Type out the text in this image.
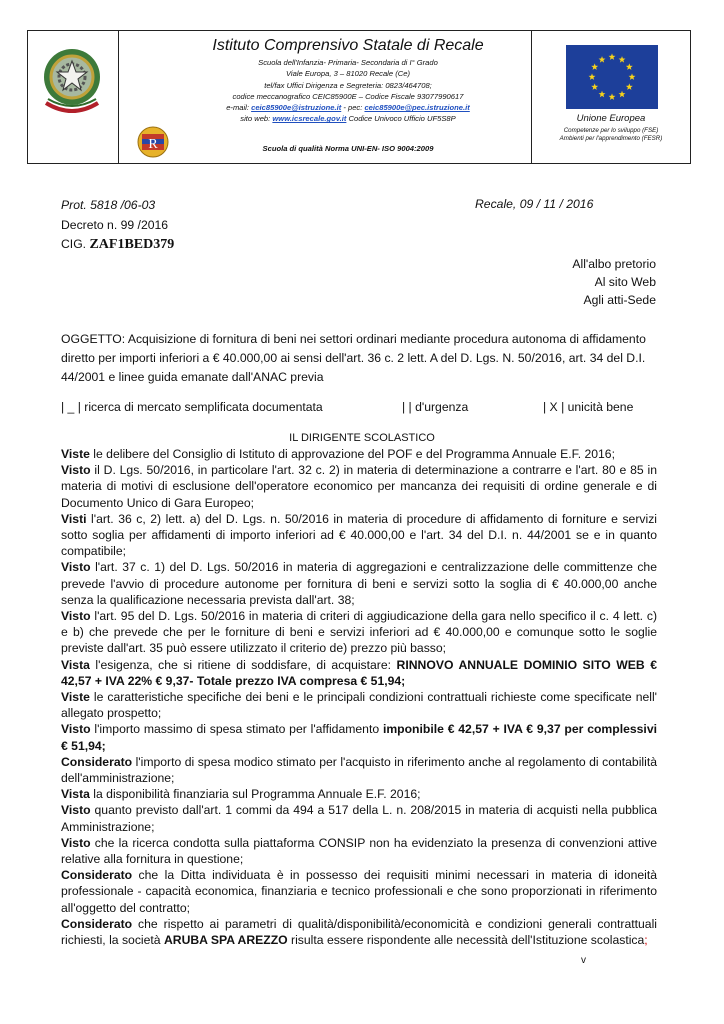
R
Istituto Comprensivo Statale di Recale
Scuola dell'Infanzia- Primaria- Secondaria di I° Grado
Viale Europa, 3 – 81020 Recale (Ce)
tel/fax Uffici Dirigenza e Segreteria: 0823/464708;
codice meccanografico CEIC85900E – Codice Fiscale 93077990617
e-mail: ceic85900e@istruzione.it - pec: ceic85900e@pec.istruzione.it
sito web: www.icsrecale.gov.it Codice Univoco Ufficio UF5S8P
Scuola di qualità Norma UNI-EN- ISO 9004:2009
Unione Europea
Competenze per lo sviluppo (FSE)
Ambienti per l'apprendimento (FESR)
Prot. 5818 /06-03	Recale, 09 / 11 / 2016
Decreto n. 99 /2016
CIG. ZAF1BED379
All'albo pretorio
Al sito Web
Agli atti-Sede
OGGETTO: Acquisizione di fornitura di beni nei settori ordinari mediante procedura autonoma di affidamento diretto per importi inferiori a € 40.000,00 ai sensi dell'art. 36 c. 2 lett. A del D. Lgs. N. 50/2016, art. 34 del D.I. 44/2001 e linee guida emanate dall'ANAC previa
| _ | ricerca di mercato semplificata documentata	| | d'urgenza	| X | unicità bene
IL DIRIGENTE SCOLASTICO

Viste le delibere del Consiglio di Istituto di approvazione del POF e del Programma Annuale E.F. 2016;

Visto il D. Lgs. 50/2016, in particolare l'art. 32 c. 2) in materia di determinazione a contrarre e l'art. 80 e 85 in materia di motivi di esclusione dell'operatore economico per mancanza dei requisiti di ordine generale e di Documento Unico di Gara Europeo;

Visti l'art. 36 c, 2) lett. a) del D. Lgs. n. 50/2016 in materia di procedure di affidamento di forniture e servizi sotto soglia per affidamenti di importo inferiori ad € 40.000,00 e l'art. 34 del D.I. n. 44/2001 se e in quanto compatibile;

Visto l'art. 37 c. 1) del D. Lgs. 50/2016 in materia di aggregazioni e centralizzazione delle committenze che prevede l'avvio di procedure autonome per fornitura di beni e servizi sotto la soglia di € 40.000,00 anche senza la qualificazione necessaria prevista dall'art. 38;

Visto l'art. 95 del D. Lgs. 50/2016 in materia di criteri di aggiudicazione della gara nello specifico il c. 4 lett. c) e b) che prevede che per le forniture di beni e servizi inferiori ad € 40.000,00 e comunque sotto le soglie previste dall'art. 35 può essere utilizzato il criterio de) prezzo più basso;

Vista l'esigenza, che si ritiene di soddisfare, di acquistare: RINNOVO ANNUALE DOMINIO SITO WEB € 42,57 + IVA 22% € 9,37- Totale prezzo IVA compresa € 51,94;

Viste le caratteristiche specifiche dei beni e le principali condizioni contrattuali richieste come specificate nell' allegato prospetto;

Visto l'importo massimo di spesa stimato per l'affidamento imponibile € 42,57 + IVA € 9,37 per complessivi € 51,94;

Considerato l'importo di spesa modico stimato per l'acquisto in riferimento anche al regolamento di contabilità dell'amministrazione;

Vista la disponibilità finanziaria sul Programma Annuale E.F. 2016;

Visto quanto previsto dall'art. 1 commi da 494 a 517 della L. n. 208/2015 in materia di acquisti nella pubblica Amministrazione;

Visto che la ricerca condotta sulla piattaforma CONSIP non ha evidenziato la presenza di convenzioni attive relative alla fornitura in questione;

Considerato che la Ditta individuata è in possesso dei requisiti minimi necessari in materia di idoneità professionale - capacità economica, finanziaria e tecnico professionali e che sono proporzionati in riferimento all'oggetto del contratto;

Considerato che rispetto ai parametri di qualità/disponibilità/economicità e condizioni generali contrattuali richiesti, la società ARUBA SPA AREZZO risulta essere rispondente alle necessità dell'Istituzione scolastica;

v
